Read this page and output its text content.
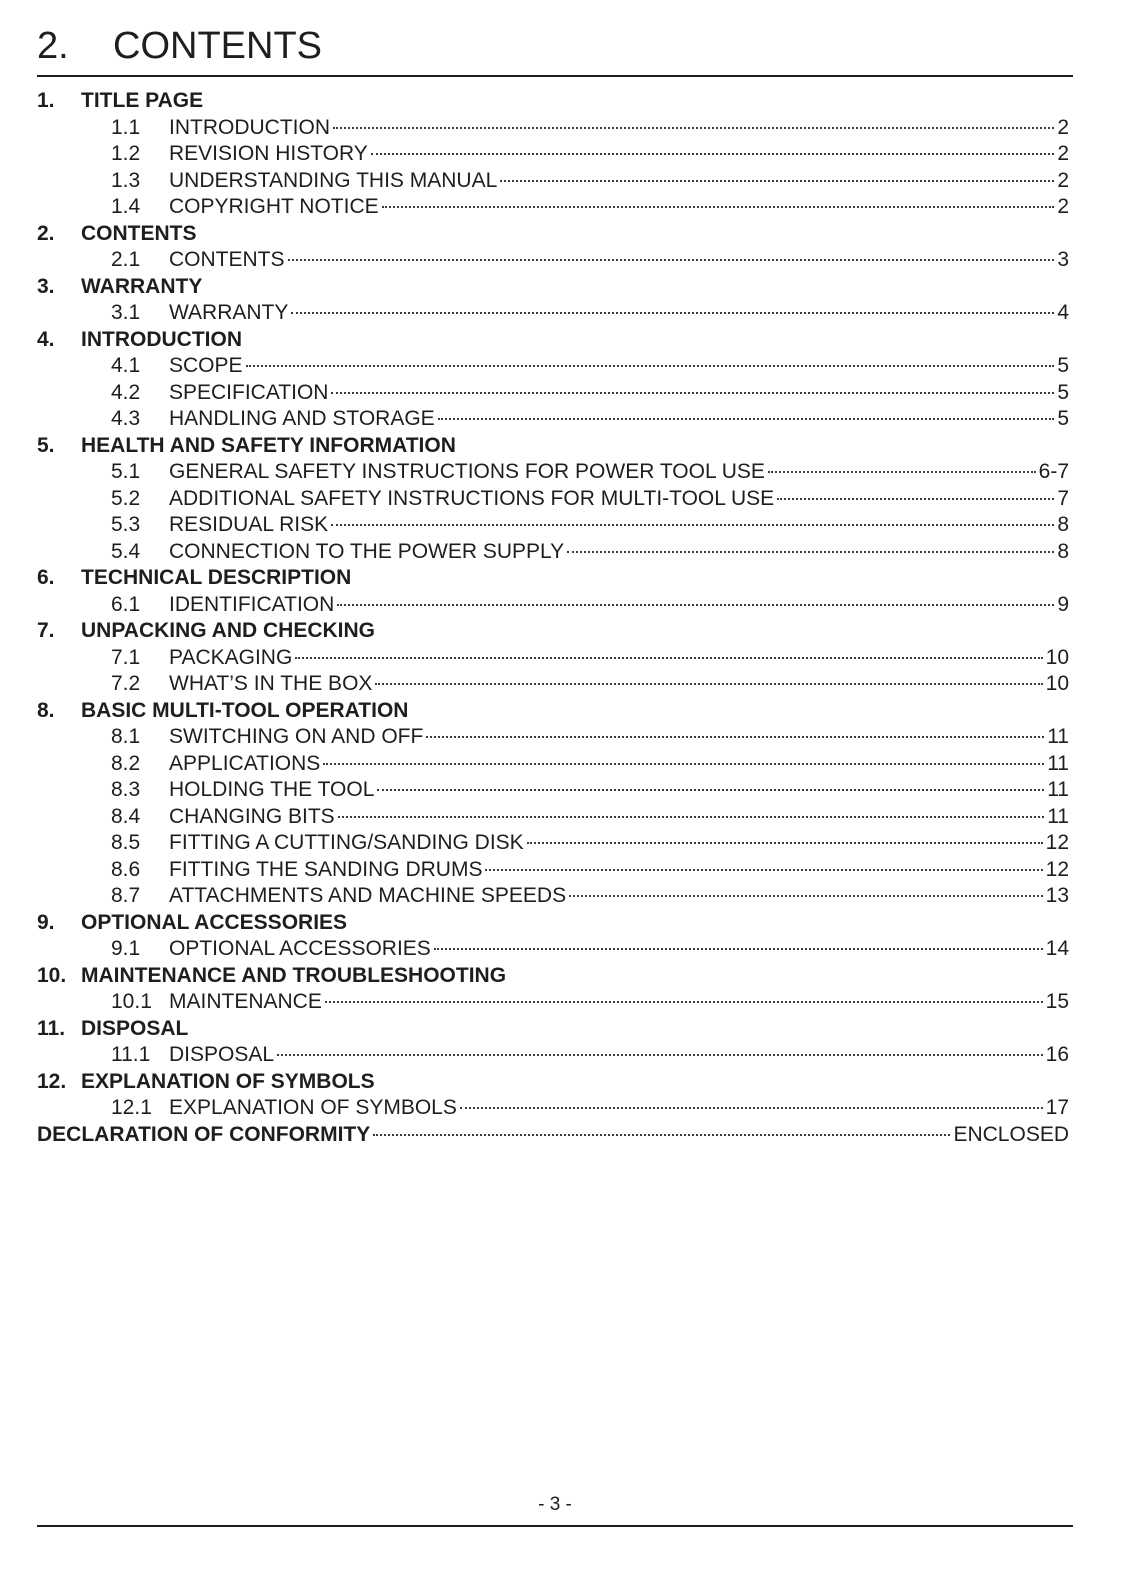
2. CONTENTS
1.	TITLE PAGE
1.1	INTRODUCTION	2
1.2	REVISION HISTORY	2
1.3	UNDERSTANDING THIS MANUAL	2
1.4	COPYRIGHT NOTICE	2
2.	CONTENTS
2.1	CONTENTS	3
3.	WARRANTY
3.1	WARRANTY	4
4.	INTRODUCTION
4.1	SCOPE	5
4.2	SPECIFICATION	5
4.3	HANDLING AND STORAGE	5
5.	HEALTH AND SAFETY INFORMATION
5.1	GENERAL SAFETY INSTRUCTIONS FOR POWER TOOL USE	6-7
5.2	ADDITIONAL SAFETY INSTRUCTIONS FOR MULTI-TOOL USE	7
5.3	RESIDUAL RISK	8
5.4	CONNECTION TO THE POWER SUPPLY	8
6.	TECHNICAL DESCRIPTION
6.1	IDENTIFICATION	9
7.	UNPACKING AND CHECKING
7.1	PACKAGING	10
7.2	WHAT’S IN THE BOX	10
8.	BASIC MULTI-TOOL OPERATION
8.1	SWITCHING ON AND OFF	11
8.2	APPLICATIONS	11
8.3	HOLDING THE TOOL	11
8.4	CHANGING BITS	11
8.5	FITTING A CUTTING/SANDING DISK	12
8.6	FITTING THE SANDING DRUMS	12
8.7	ATTACHMENTS AND MACHINE SPEEDS	13
9.	OPTIONAL ACCESSORIES
9.1	OPTIONAL ACCESSORIES	14
10. MAINTENANCE AND TROUBLESHOOTING
10.1 MAINTENANCE	15
11. DISPOSAL
11.1 DISPOSAL	16
12. EXPLANATION OF SYMBOLS
12.1 EXPLANATION OF SYMBOLS	17
DECLARATION OF CONFORMITY	ENCLOSED
- 3 -
